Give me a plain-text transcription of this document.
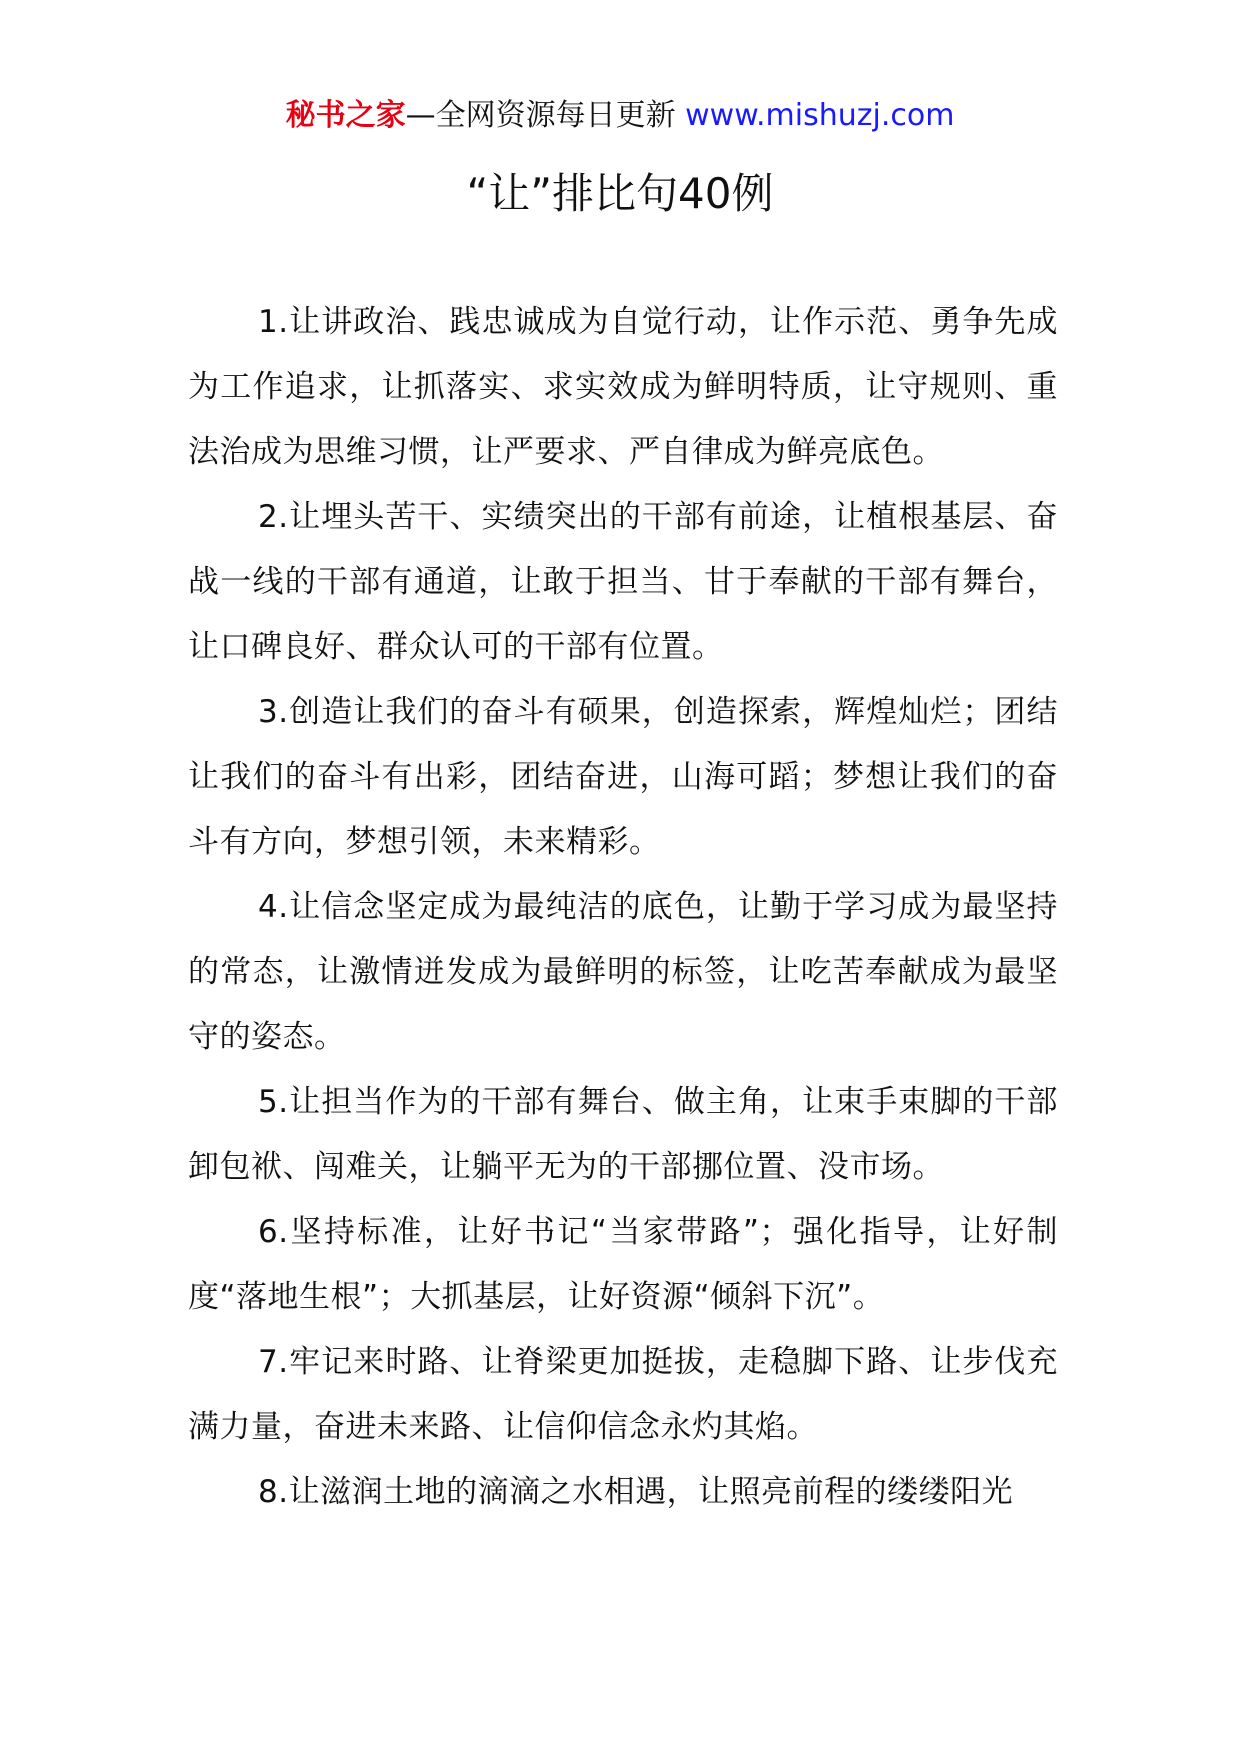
秘书之家—全网资源每日更新 www.mishuzj.com
“让”排比句40例

1.让讲政治、践忠诚成为自觉行动，让作示范、勇争先成为工作追求，让抓落实、求实效成为鲜明特质，让守规则、重法治成为思维习惯，让严要求、严自律成为鲜亮底色。

2.让埋头苦干、实绩突出的干部有前途，让植根基层、奋战一线的干部有通道，让敢于担当、甘于奉献的干部有舞台，让口碑良好、群众认可的干部有位置。

3.创造让我们的奋斗有硕果，创造探索，辉煌灿烂；团结让我们的奋斗有出彩，团结奋进，山海可蹈；梦想让我们的奋斗有方向，梦想引领，未来精彩。

4.让信念坚定成为最纯洁的底色，让勤于学习成为最坚持的常态，让激情迸发成为最鲜明的标签，让吃苦奉献成为最坚守的姿态。

5.让担当作为的干部有舞台、做主角，让束手束脚的干部卸包袱、闯难关，让躺平无为的干部挪位置、没市场。

6.坚持标准，让好书记“当家带路”；强化指导，让好制度“落地生根”；大抓基层，让好资源“倾斜下沉”。

7.牢记来时路、让脊梁更加挺拔，走稳脚下路、让步伐充满力量，奋进未来路、让信仰信念永灼其焰。

8.让滋润土地的滴滴之水相遇，让照亮前程的缕缕阳光
